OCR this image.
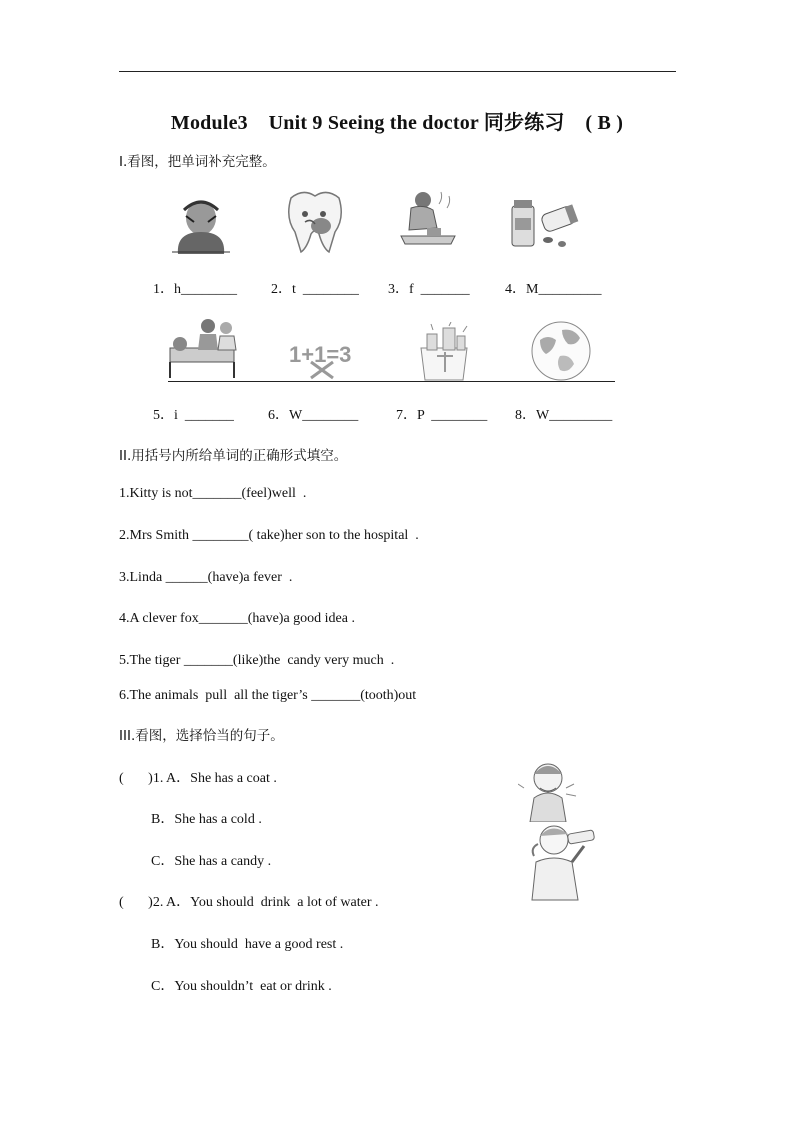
Module3    Unit 9 Seeing the doctor 同步练习    ( B )
I.看图，把单词补充完整。
1．h________ 2．t  ________ 3．f  _______	4．M_________
1+1=3
5．i  _______ 6．W________	7．P  ________ 8．W_________
II.用括号内所给单词的正确形式填空。
1.Kitty is not_______(feel)well  .
2.Mrs Smith ________( take)her son to the hospital  .
3.Linda ______(have)a fever  .
4.A clever fox_______(have)a good idea .
5.The tiger _______(like)the  candy very much  .
6.The animals  pull  all the tiger’s _______(tooth)out
III.看图，选择恰当的句子。
(       )1. A．She has a coat .
B．She has a cold .
C．She has a candy .
(       )2. A．You should  drink  a lot of water .
B．You should  have a good rest .
C．You shouldn’t  eat or drink .
